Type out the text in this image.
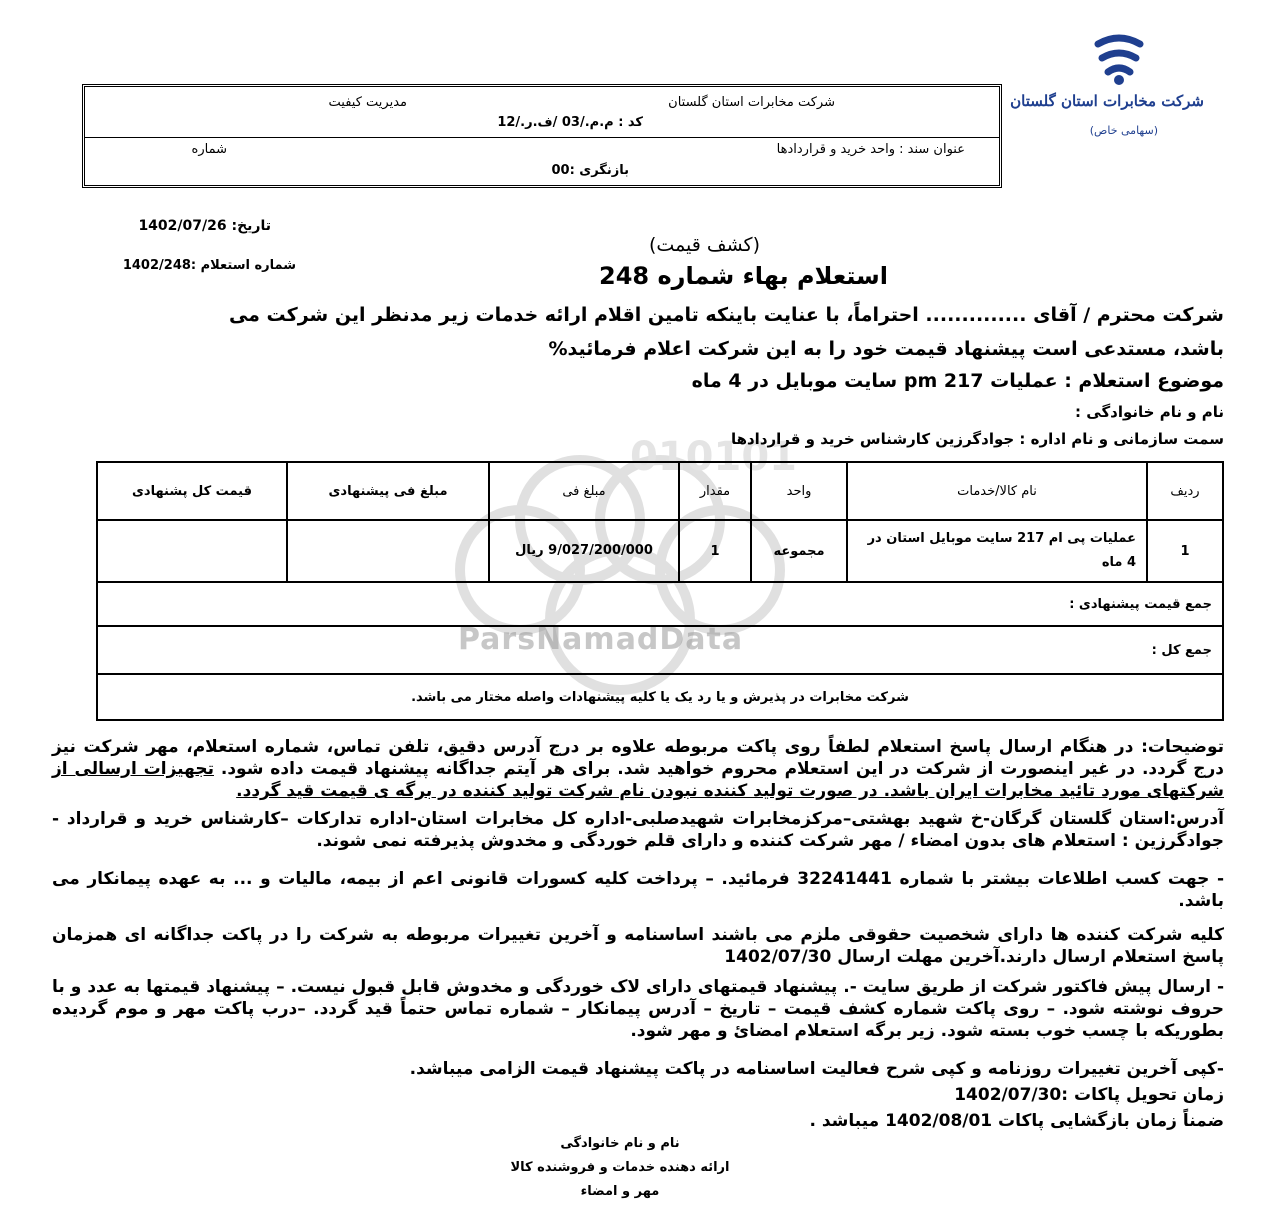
010101
ParsNamadData
شرکت مخابرات استان گلستان
(سهامی خاص)
شرکت مخابرات استان گلستان
مدیریت کیفیت
کد : م.م./03 /ف.ر./12
عنوان سند : واحد خرید و قراردادها
شماره
بازنگری :00
تاریخ: 1402/07/26
شماره استعلام :1402/248
(کشف قیمت)
استعلام بهاء شماره 248
شرکت محترم / آقای .............. احتراماً، با عنایت باینکه تامین اقلام ارائه خدمات زیر مدنظر این شرکت می
باشد، مستدعی است پیشنهاد قیمت خود را به این شرکت اعلام فرمائید%
موضوع استعلام : عملیات pm 217 سایت موبایل در 4 ماه
نام و نام خانوادگی :
سمت سازمانی و نام اداره : جوادگرزین کارشناس خرید و قراردادها
ردیف	نام کالا/خدمات	واحد	مقدار	مبلغ فی	مبلغ فی پیشنهادی	قیمت کل پشنهادی
1	عملیات پی ام 217 سایت موبایل استان در 4 ماه	مجموعه	1	9/027/200/000 ریال		
جمع قیمت پیشنهادی :						
جمع کل :						
شرکت مخابرات در پذیرش و یا رد یک یا کلیه پیشنهادات واصله مختار می باشد.						
توضیحات: در هنگام ارسال پاسخ استعلام لطفاً روی پاکت مربوطه علاوه بر درج آدرس دقیق، تلفن تماس، شماره استعلام، مهر شرکت نیز درج گردد. در غیر اینصورت از شرکت در این استعلام محروم خواهید شد. برای هر آیتم جداگانه پیشنهاد قیمت داده شود. تجهیزات ارسالی از شرکتهای مورد تائید مخابرات ایران باشد. در صورت تولید کننده نبودن نام شرکت تولید کننده در برگه ی قیمت قید گردد.
آدرس:استان گلستان گرگان-خ شهید بهشتی–مرکزمخابرات شهیدصلبی-اداره کل مخابرات استان-اداره تدارکات –کارشناس خرید و قرارداد - جوادگرزین : استعلام های بدون امضاء / مهر شرکت کننده و دارای قلم خوردگی و مخدوش پذیرفته نمی شوند.
- جهت کسب اطلاعات بیشتر با شماره 32241441 فرمائید. – پرداخت کلیه کسورات قانونی اعم از بیمه، مالیات و ... به عهده پیمانکار می باشد.
کلیه شرکت کننده ها دارای شخصیت حقوقی ملزم می باشند اساسنامه و آخرین تغییرات مربوطه به شرکت را در پاکت جداگانه ای همزمان پاسخ استعلام ارسال دارند.آخرین مهلت ارسال 1402/07/30
- ارسال پیش فاکتور شرکت از طریق سایت -. پیشنهاد قیمتهای دارای لاک خوردگی و مخدوش قابل قبول نیست. – پیشنهاد قیمتها به عدد و با حروف نوشته شود. – روی پاکت شماره کشف قیمت – تاریخ – آدرس پیمانکار – شماره تماس حتماً قید گردد. –درب پاکت مهر و موم گردیده بطوریکه با چسب خوب بسته شود. زیر برگه استعلام امضائ و مهر شود.
-کپی آخرین تغییرات روزنامه و کپی شرح فعالیت اساسنامه در پاکت پیشنهاد قیمت الزامی میباشد.
زمان تحویل پاکات :1402/07/30
ضمناً زمان بازگشایی پاکات 1402/08/01 میباشد .
نام و نام خانوادگی
ارائه دهنده خدمات و فروشنده کالا
مهر و امضاء
